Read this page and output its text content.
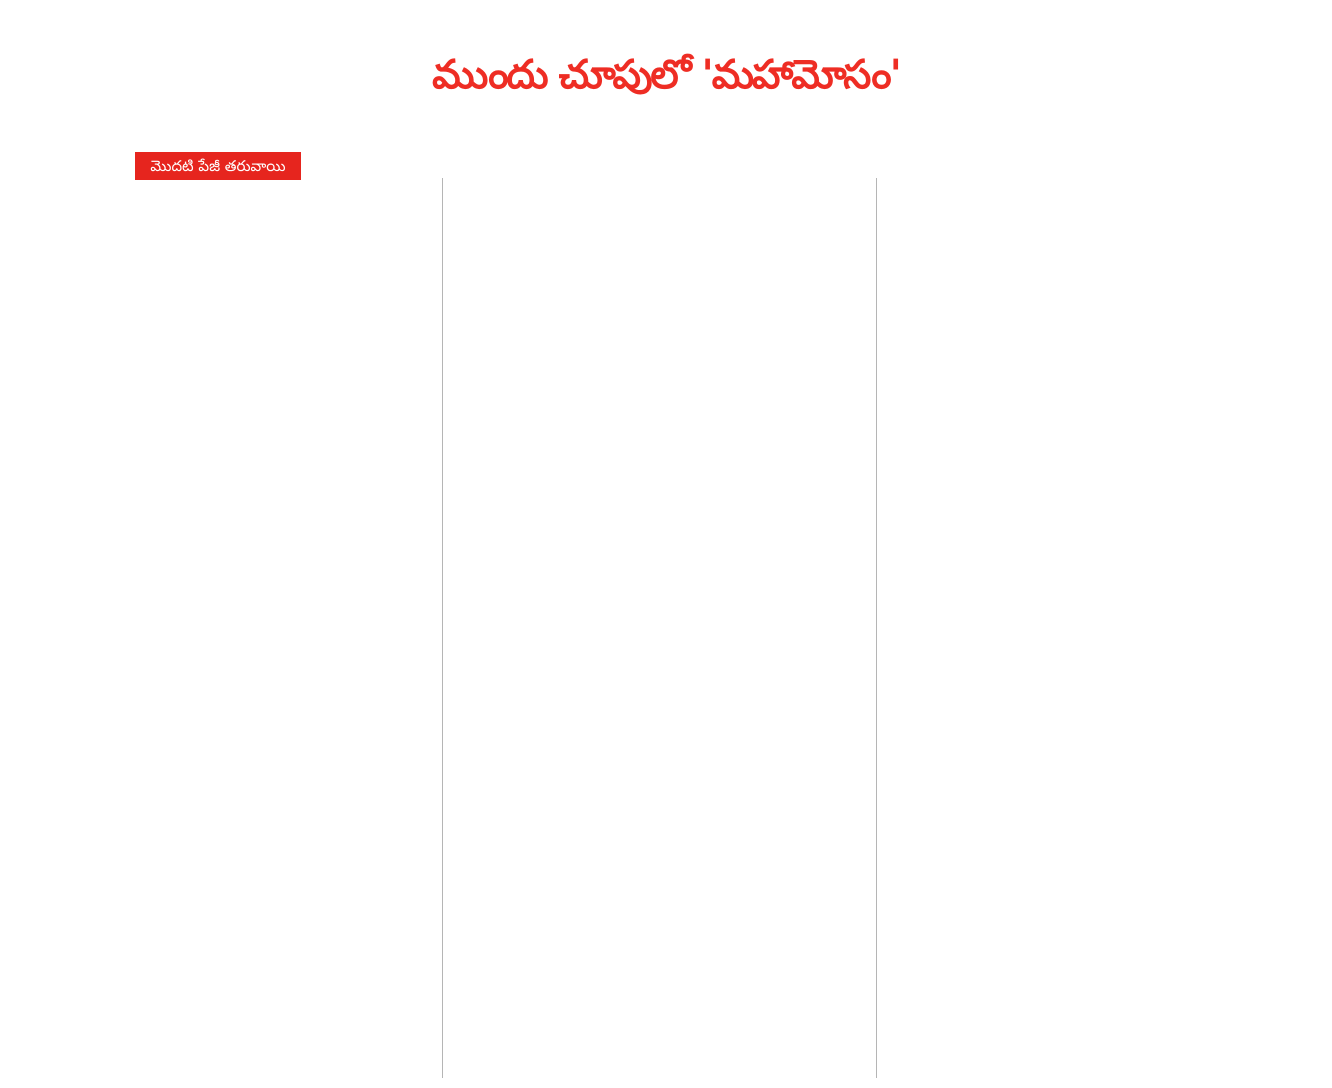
ముందు చూపులో 'మహామోసం'
మొదటి పేజీ తరువాయి
